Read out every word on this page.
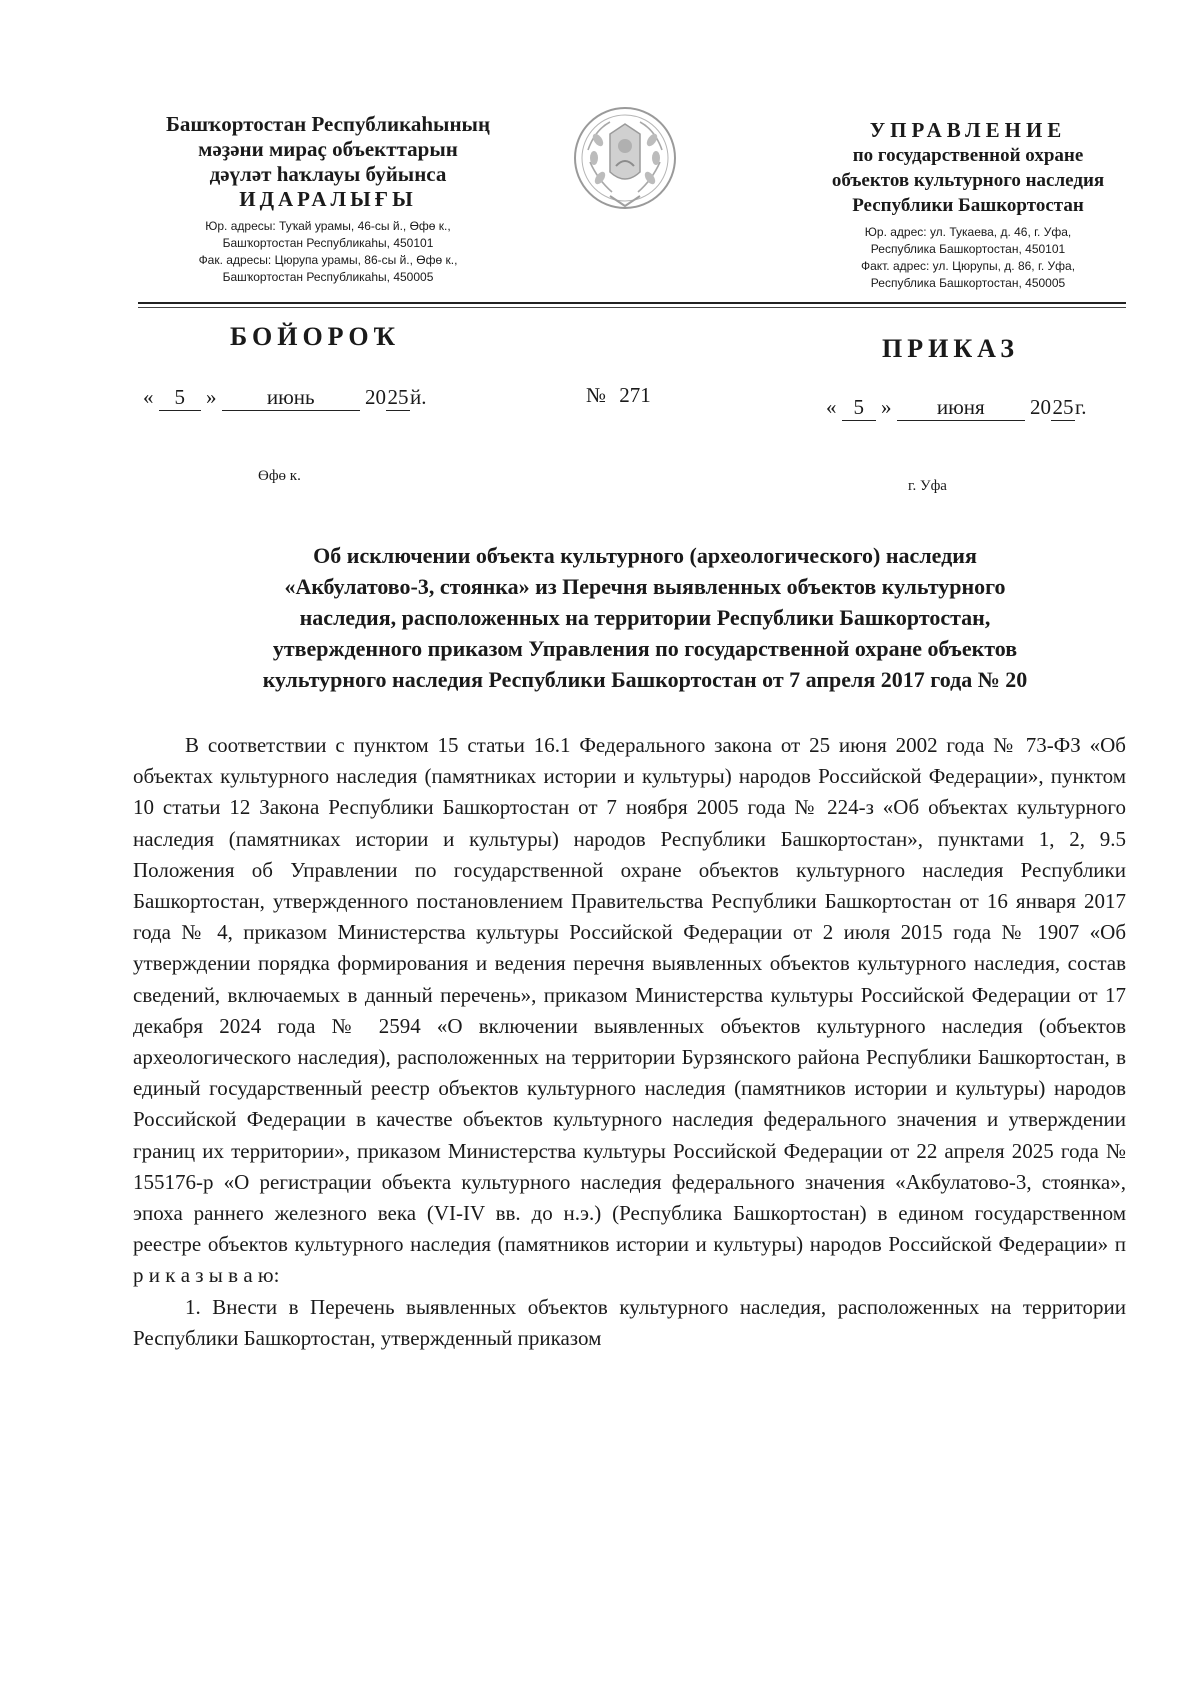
Башҡортостан Республикаһының
мәҙәни мираҫ объекттарын
дәүләт һаҡлауы буйынса
ИДАРАЛЫҒЫ
Юр. адресы: Туҡай урамы, 46-сы й., Өфө к.,
Башҡортостан Республикаһы, 450101
Фак. адресы: Цюрупа урамы, 86-сы й., Өфө к.,
Башҡортостан Республикаһы, 450005
УПРАВЛЕНИЕ
по государственной охране
объектов культурного наследия
Республики Башкортостан
Юр. адрес: ул. Тукаева, д. 46, г. Уфа,
Республика Башкортостан, 450101
Факт. адрес: ул. Цюрупы, д. 86, г. Уфа,
Республика Башкортостан, 450005
БОЙОРОҠ
« 5 » июнь 2025й.
Өфө к.
№ 271
ПРИКАЗ
« 5 » июня 2025г.
г. Уфа
Об исключении объекта культурного (археологического) наследия
«Акбулатово-3, стоянка» из Перечня выявленных объектов культурного
наследия, расположенных на территории Республики Башкортостан,
утвержденного приказом Управления по государственной охране объектов
культурного наследия Республики Башкортостан от 7 апреля 2017 года № 20

В соответствии с пунктом 15 статьи 16.1 Федерального закона от 25 июня 2002 года № 73-ФЗ «Об объектах культурного наследия (памятниках истории и культуры) народов Российской Федерации», пунктом 10 статьи 12 Закона Республики Башкортостан от 7 ноября 2005 года № 224-з «Об объектах культурного наследия (памятниках истории и культуры) народов Республики Башкортостан», пунктами 1, 2, 9.5 Положения об Управлении по государственной охране объектов культурного наследия Республики Башкортостан, утвержденного постановлением Правительства Республики Башкортостан от 16 января 2017 года № 4, приказом Министерства культуры Российской Федерации от 2 июля 2015 года № 1907 «Об утверждении порядка формирования и ведения перечня выявленных объектов культурного наследия, состав сведений, включаемых в данный перечень», приказом Министерства культуры Российской Федерации от 17 декабря 2024 года № 2594 «О включении выявленных объектов культурного наследия (объектов археологического наследия), расположенных на территории Бурзянского района Республики Башкортостан, в единый государственный реестр объектов культурного наследия (памятников истории и культуры) народов Российской Федерации в качестве объектов культурного наследия федерального значения и утверждении границ их территории», приказом Министерства культуры Российской Федерации от 22 апреля 2025 года № 155176-р «О регистрации объекта культурного наследия федерального значения «Акбулатово-3, стоянка», эпоха раннего железного века (VI-IV вв. до н.э.) (Республика Башкортостан) в едином государственном реестре объектов культурного наследия (памятников истории и культуры) народов Российской Федерации» п р и к а з ы в а ю:

1. Внести в Перечень выявленных объектов культурного наследия, расположенных на территории Республики Башкортостан, утвержденный приказом
